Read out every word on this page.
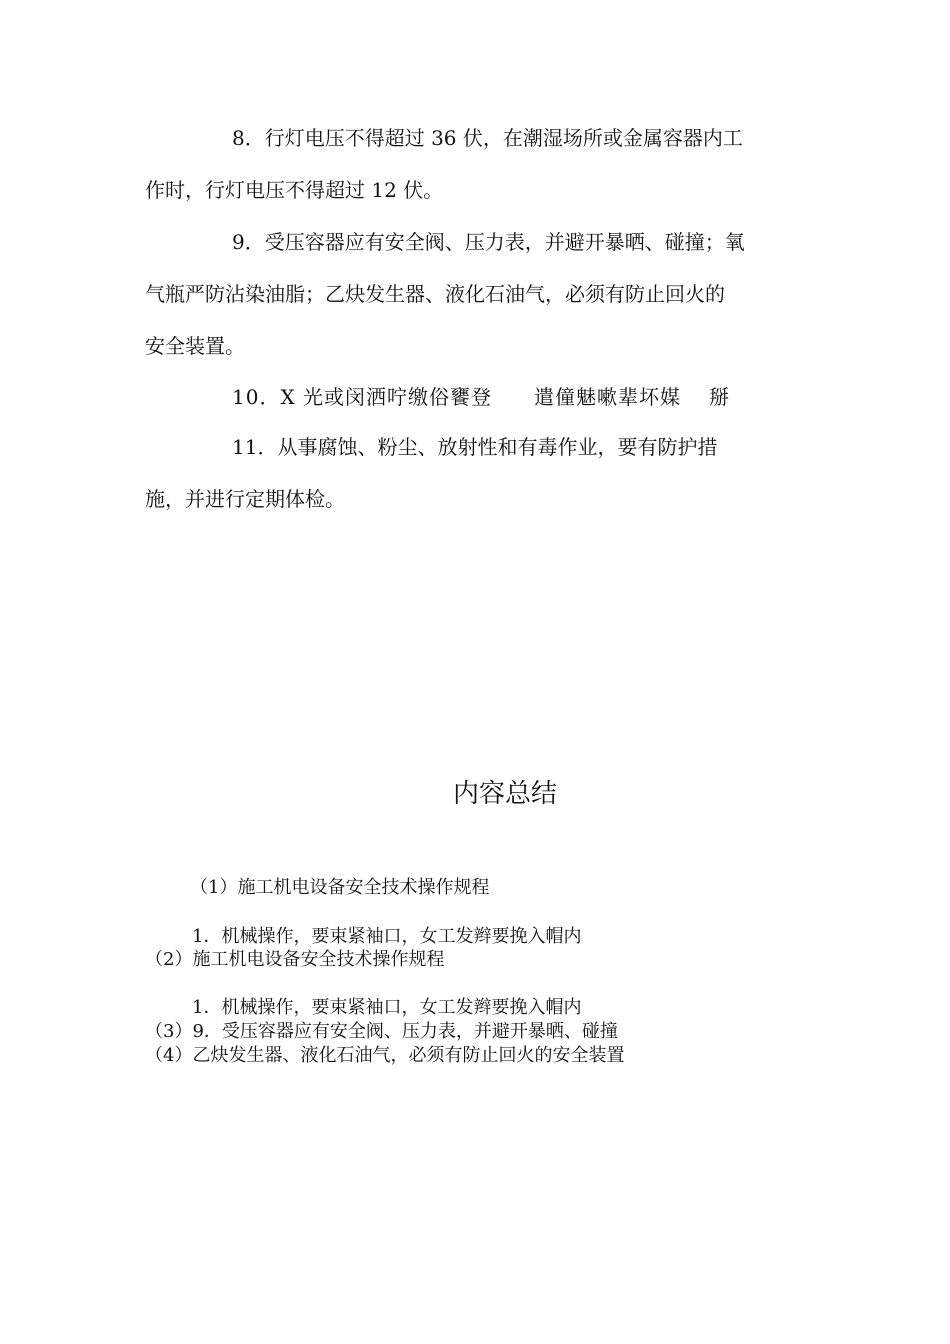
8．行灯电压不得超过 36 伏，在潮湿场所或金属容器内工
作时，行灯电压不得超过 12 伏。
9．受压容器应有安全阀、压力表，并避开暴晒、碰撞；氧
气瓶严防沾染油脂；乙炔发生器、液化石油气，必须有防止回火的
安全装置。
10．X 光或闵洒咛缴俗饔登 遣僮魅嗽辈坏媒 掰
11．从事腐蚀、粉尘、放射性和有毒作业，要有防护措
施，并进行定期体检。
内容总结
（1）施工机电设备安全技术操作规程
1．机械操作，要束紧袖口，女工发辫要挽入帽内
（2）施工机电设备安全技术操作规程
1．机械操作，要束紧袖口，女工发辫要挽入帽内
（3）9．受压容器应有安全阀、压力表，并避开暴晒、碰撞
（4）乙炔发生器、液化石油气，必须有防止回火的安全装置
